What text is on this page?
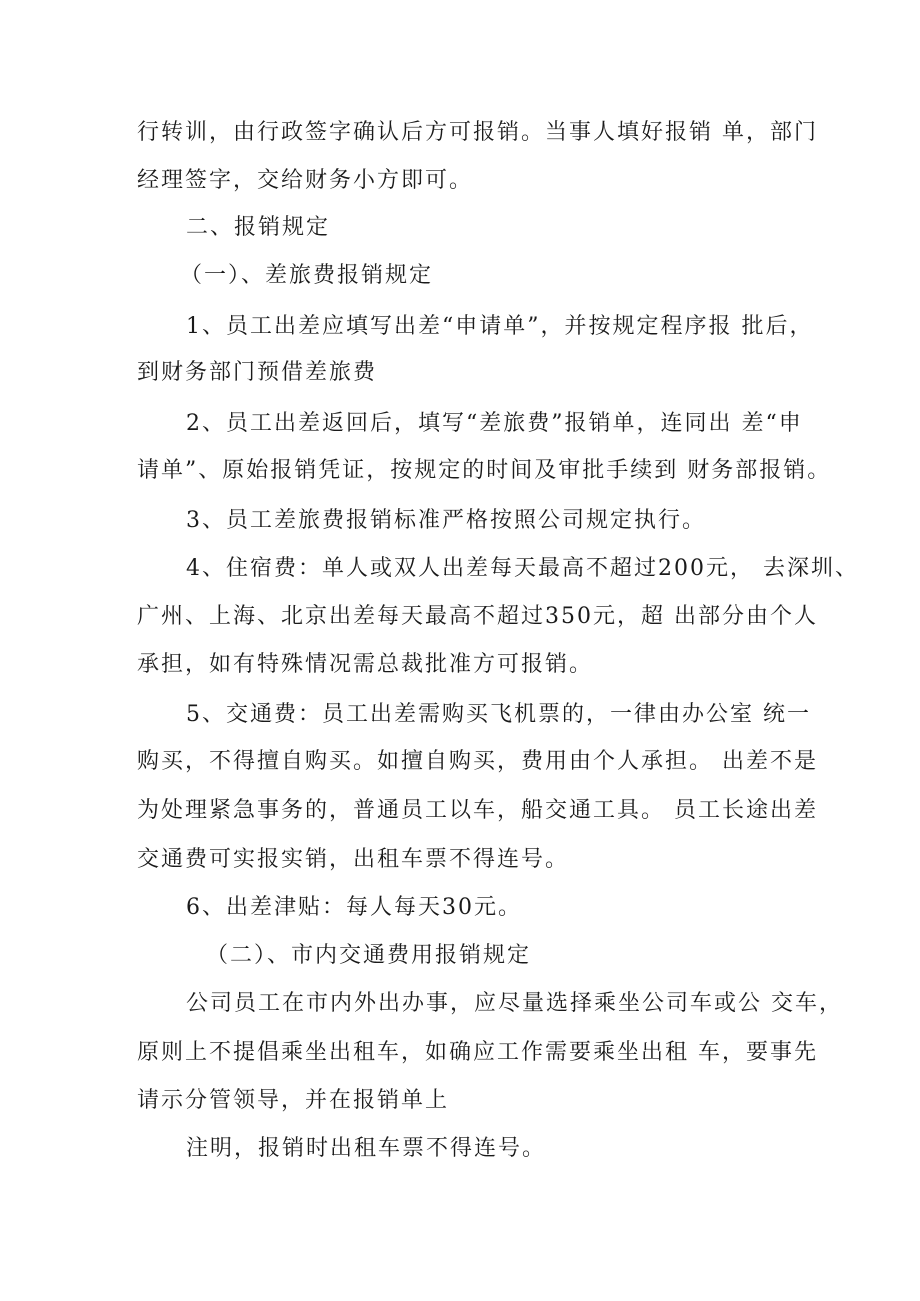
行转训，由行政签字确认后方可报销。当事人填好报销 单，部门
经理签字，交给财务小方即可。
二、报销规定
（一）、差旅费报销规定
1、员工出差应填写出差“申请单”，并按规定程序报 批后，
到财务部门预借差旅费
2、员工出差返回后，填写“差旅费”报销单，连同出 差“申
请单”、原始报销凭证，按规定的时间及审批手续到 财务部报销。
3、员工差旅费报销标准严格按照公司规定执行。
4、住宿费：单人或双人出差每天最高不超过200元， 去深圳、
广州、上海、北京出差每天最高不超过350元，超 出部分由个人
承担，如有特殊情况需总裁批准方可报销。
5、交通费：员工出差需购买飞机票的，一律由办公室 统一
购买，不得擅自购买。如擅自购买，费用由个人承担。 出差不是
为处理紧急事务的，普通员工以车，船交通工具。 员工长途出差
交通费可实报实销，出租车票不得连号。
6、出差津贴：每人每天30元。
（二）、市内交通费用报销规定
公司员工在市内外出办事，应尽量选择乘坐公司车或公 交车，
原则上不提倡乘坐出租车，如确应工作需要乘坐出租 车，要事先
请示分管领导，并在报销单上
注明，报销时出租车票不得连号。
